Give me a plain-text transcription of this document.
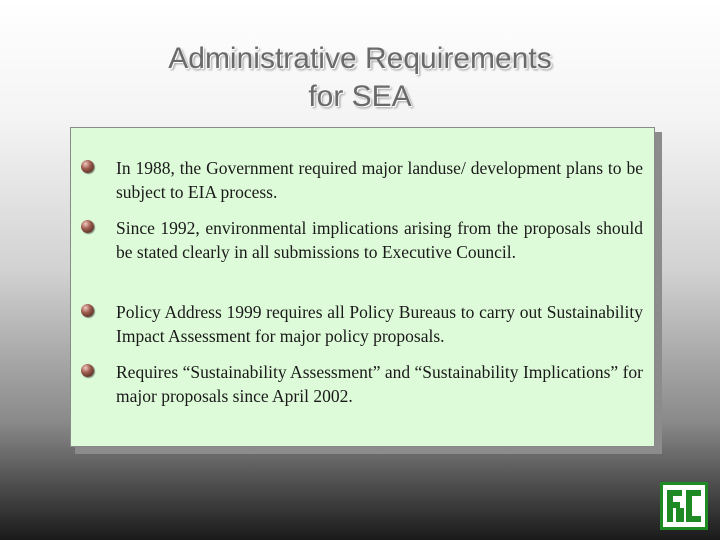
Administrative Requirements
for SEA
In 1988, the Government required major landuse/ development plans to be subject to EIA process.
Since 1992, environmental implications arising from the proposals should be stated clearly in all submissions to Executive Council.
Policy Address 1999 requires all Policy Bureaus to carry out Sustainability Impact Assessment for major policy proposals.
Requires “Sustainability Assessment” and “Sustainability Implications” for major proposals since April 2002.
